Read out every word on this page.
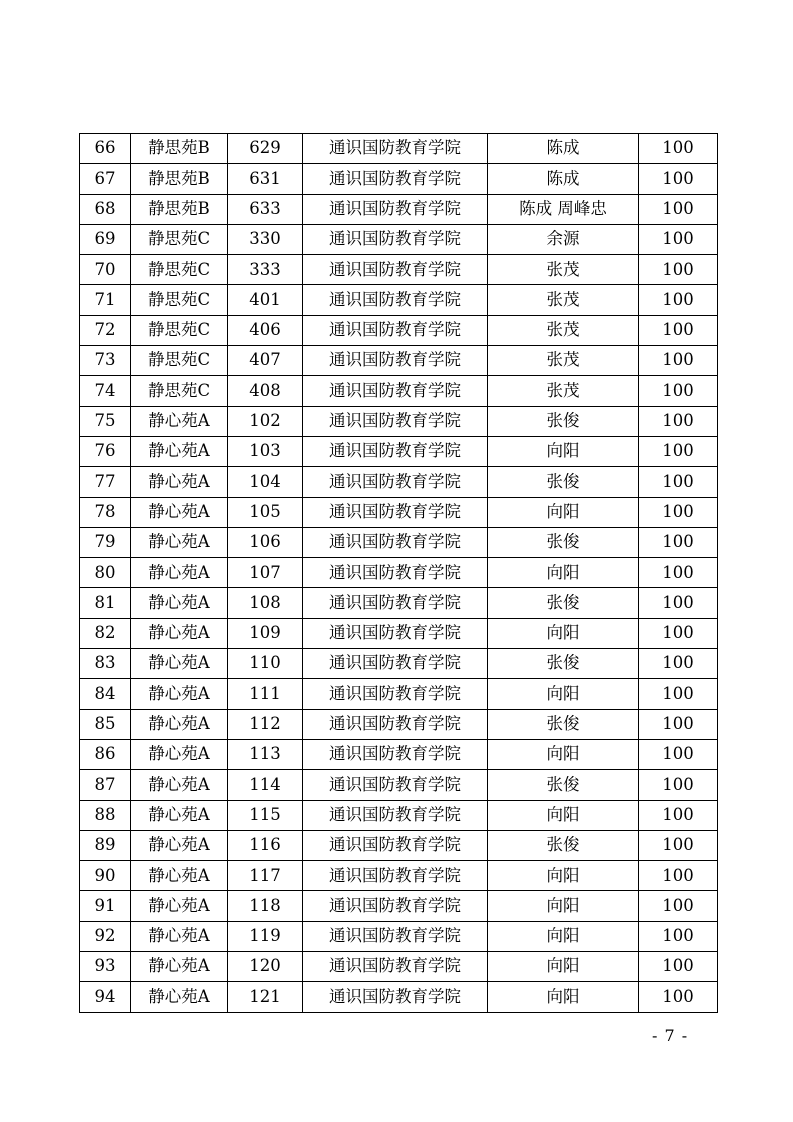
66	静思苑B	629	通识国防教育学院	陈成	100
67	静思苑B	631	通识国防教育学院	陈成	100
68	静思苑B	633	通识国防教育学院	陈成 周峰忠	100
69	静思苑C	330	通识国防教育学院	余源	100
70	静思苑C	333	通识国防教育学院	张茂	100
71	静思苑C	401	通识国防教育学院	张茂	100
72	静思苑C	406	通识国防教育学院	张茂	100
73	静思苑C	407	通识国防教育学院	张茂	100
74	静思苑C	408	通识国防教育学院	张茂	100
75	静心苑A	102	通识国防教育学院	张俊	100
76	静心苑A	103	通识国防教育学院	向阳	100
77	静心苑A	104	通识国防教育学院	张俊	100
78	静心苑A	105	通识国防教育学院	向阳	100
79	静心苑A	106	通识国防教育学院	张俊	100
80	静心苑A	107	通识国防教育学院	向阳	100
81	静心苑A	108	通识国防教育学院	张俊	100
82	静心苑A	109	通识国防教育学院	向阳	100
83	静心苑A	110	通识国防教育学院	张俊	100
84	静心苑A	111	通识国防教育学院	向阳	100
85	静心苑A	112	通识国防教育学院	张俊	100
86	静心苑A	113	通识国防教育学院	向阳	100
87	静心苑A	114	通识国防教育学院	张俊	100
88	静心苑A	115	通识国防教育学院	向阳	100
89	静心苑A	116	通识国防教育学院	张俊	100
90	静心苑A	117	通识国防教育学院	向阳	100
91	静心苑A	118	通识国防教育学院	向阳	100
92	静心苑A	119	通识国防教育学院	向阳	100
93	静心苑A	120	通识国防教育学院	向阳	100
94	静心苑A	121	通识国防教育学院	向阳	100
- 7 -
